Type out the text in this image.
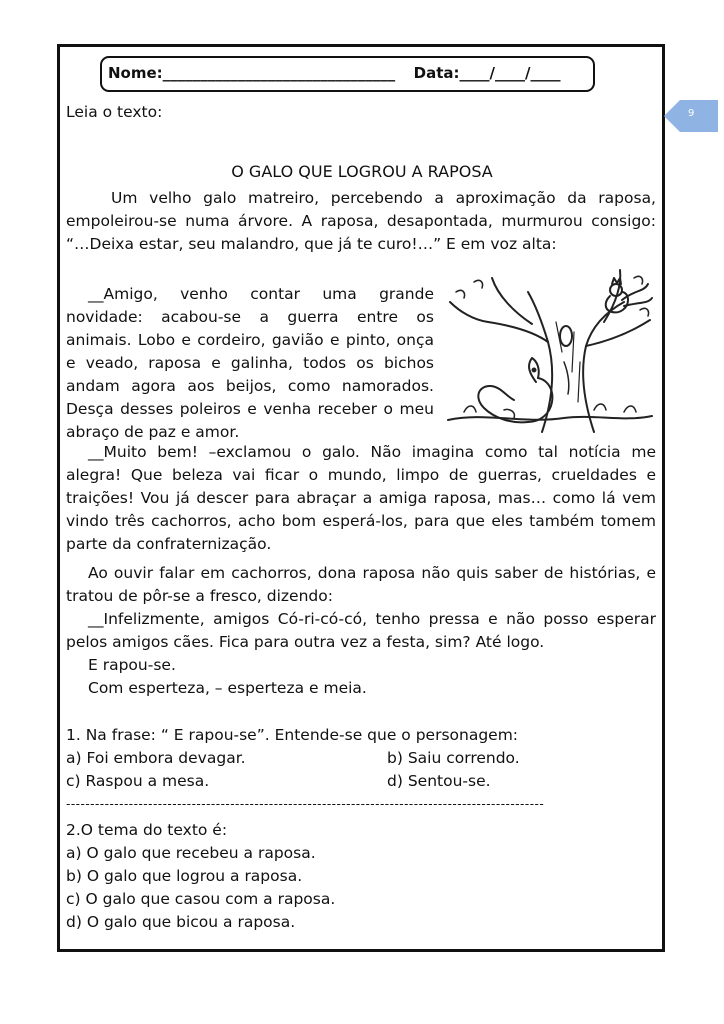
Nome:_______________________________ Data:____/____/____
9

Leia o texto:

O GALO QUE LOGROU A RAPOSA

Um velho galo matreiro, percebendo a aproximação da raposa, empoleirou-se numa árvore. A raposa, desapontada, murmurou consigo: “…Deixa estar, seu malandro, que já te curo!…” E em voz alta:

__Amigo, venho contar uma grande novidade: acabou-se a guerra entre os animais. Lobo e cordeiro, gavião e pinto, onça e veado, raposa e galinha, todos os bichos andam agora aos beijos, como namorados. Desça desses poleiros e venha receber o meu abraço de paz e amor.

__Muito bem! –exclamou o galo. Não imagina como tal notícia me alegra! Que beleza vai ficar o mundo, limpo de guerras, crueldades e traições! Vou já descer para abraçar a amiga raposa, mas… como lá vem vindo três cachorros, acho bom esperá-los, para que eles também tomem parte da confraternização.

Ao ouvir falar em cachorros, dona raposa não quis saber de histórias, e tratou de pôr-se a fresco, dizendo:

__Infelizmente, amigos Có-ri-có-có, tenho pressa e não posso esperar pelos amigos cães. Fica para outra vez a festa, sim? Até logo.

E rapou-se.

Com esperteza, – esperteza e meia.

1. Na frase: “ E rapou-se”. Entende-se que o personagem:

a) Foi embora devagar.	b) Saiu correndo.

c) Raspou a mesa.	d) Sentou-se.

---------------------------------------------------------------------------------------------------

2.O tema do texto é:

a) O galo que recebeu a raposa.

b) O galo que logrou a raposa.

c) O galo que casou com a raposa.

d) O galo que bicou a raposa.
